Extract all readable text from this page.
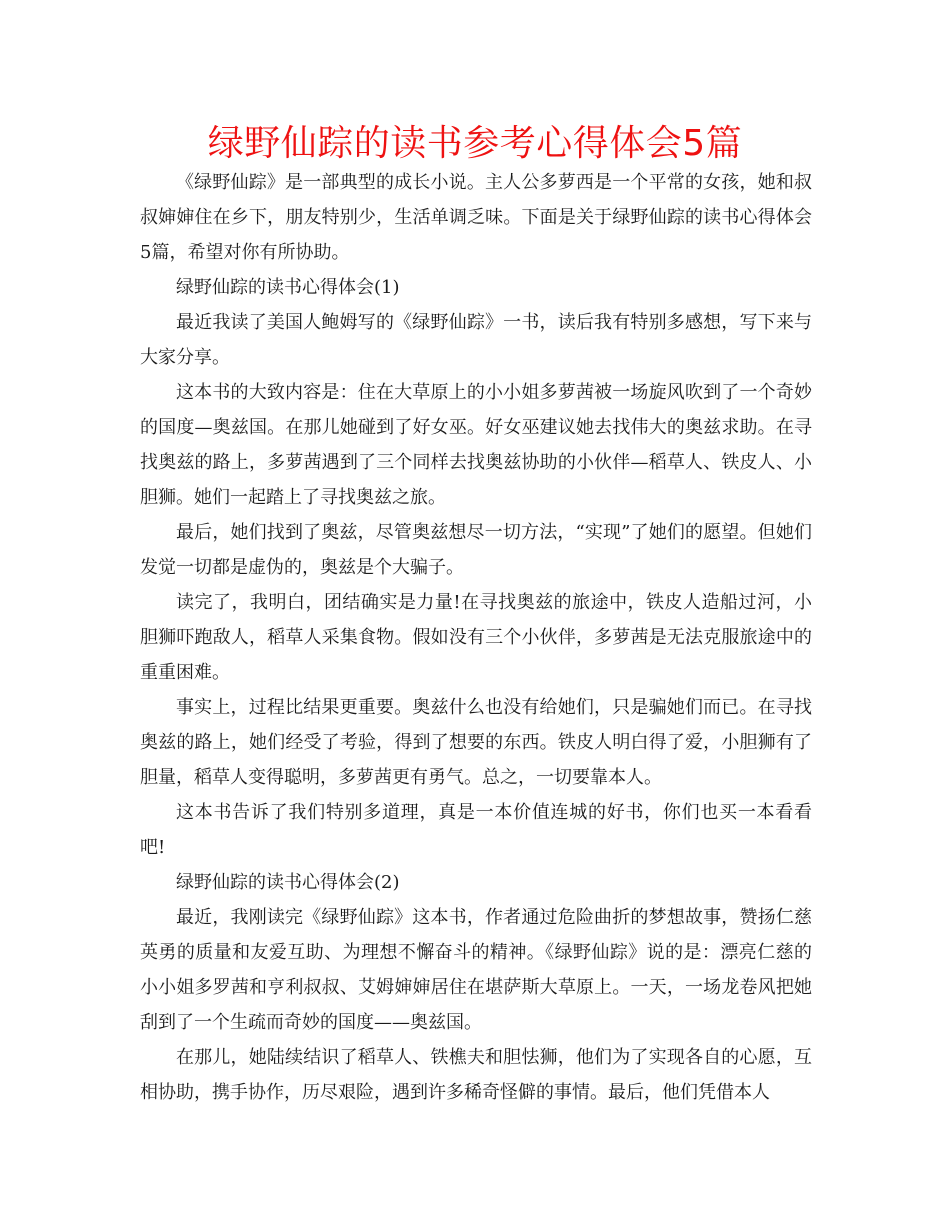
绿野仙踪的读书参考心得体会5篇

《绿野仙踪》是一部典型的成长小说。主人公多萝西是一个平常的女孩，她和叔叔婶婶住在乡下，朋友特别少，生活单调乏味。下面是关于绿野仙踪的读书心得体会5篇，希望对你有所协助。

绿野仙踪的读书心得体会(1)

最近我读了美国人鲍姆写的《绿野仙踪》一书，读后我有特别多感想，写下来与大家分享。

这本书的大致内容是：住在大草原上的小小姐多萝茜被一场旋风吹到了一个奇妙的国度—奥兹国。在那儿她碰到了好女巫。好女巫建议她去找伟大的奥兹求助。在寻找奥兹的路上，多萝茜遇到了三个同样去找奥兹协助的小伙伴—稻草人、铁皮人、小胆狮。她们一起踏上了寻找奥兹之旅。

最后，她们找到了奥兹，尽管奥兹想尽一切方法，“实现”了她们的愿望。但她们发觉一切都是虚伪的，奥兹是个大骗子。

读完了，我明白，团结确实是力量!在寻找奥兹的旅途中，铁皮人造船过河，小胆狮吓跑敌人，稻草人采集食物。假如没有三个小伙伴，多萝茜是无法克服旅途中的重重困难。

事实上，过程比结果更重要。奥兹什么也没有给她们，只是骗她们而已。在寻找奥兹的路上，她们经受了考验，得到了想要的东西。铁皮人明白得了爱，小胆狮有了胆量，稻草人变得聪明，多萝茜更有勇气。总之，一切要靠本人。

这本书告诉了我们特别多道理，真是一本价值连城的好书，你们也买一本看看吧!

绿野仙踪的读书心得体会(2)

最近，我刚读完《绿野仙踪》这本书，作者通过危险曲折的梦想故事，赞扬仁慈英勇的质量和友爱互助、为理想不懈奋斗的精神。《绿野仙踪》说的是：漂亮仁慈的小小姐多罗茜和亨利叔叔、艾姆婶婶居住在堪萨斯大草原上。一天，一场龙卷风把她刮到了一个生疏而奇妙的国度——奥兹国。

在那儿，她陆续结识了稻草人、铁樵夫和胆怯狮，他们为了实现各自的心愿，互相协助，携手协作，历尽艰险，遇到许多稀奇怪僻的事情。最后，他们凭借本人
